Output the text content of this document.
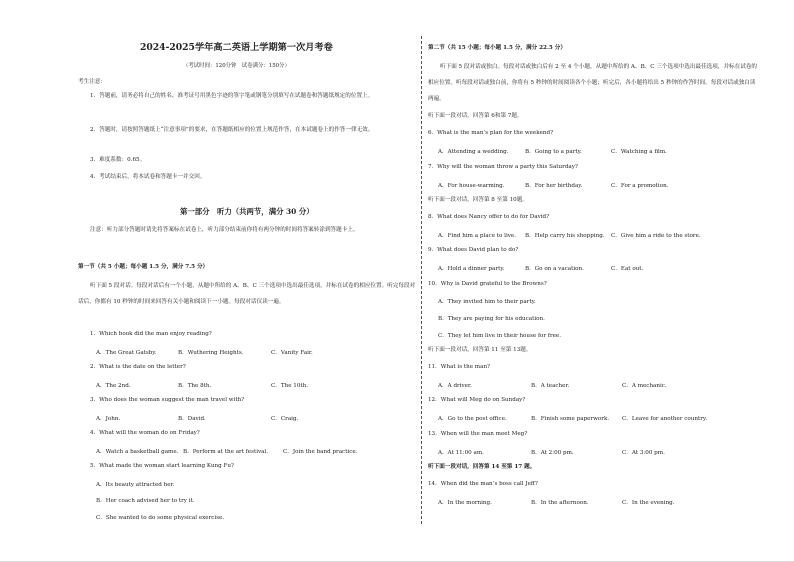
2024-2025学年高二英语上学期第一次月考卷
（考试时间：120分钟　试卷满分：150分）
考生注意：
1．答题前，请务必将自己的姓名、准考证号用黑色字迹的签字笔或钢笔分别填写在试题卷和答题纸规定的位置上。
2．答题时，请按照答题纸上“注意事项”的要求，在答题纸相应的位置上规范作答，在本试题卷上的作答一律无效。
3．难度系数：0.65。
4．考试结束后，将本试卷和答题卡一并交回。
第一部分　听力（共两节，满分 30 分）
注意：听力部分答题时请先将答案标在试卷上，听力部分结束前你将有两分钟的时间将答案转涂到答题卡上。
第一节（共 5 小题；每小题 1.5 分，满分 7.5 分）
听下面 5 段对话。每段对话后有一个小题，从题中所给的 A、B、C 三个选项中选出最佳选项，并标在试卷的相应位置。听完每段对话后，你都有 10 秒钟的时间来回答有关小题和阅读下一小题。每段对话仅读一遍。
1．Which book did the man enjoy reading?
A．The Great Gatsby.	B．Wuthering Heights.	C．Vanity Fair.
2．What is the date on the letter?
A．The 2nd.	B．The 8th.	C．The 10th.
3．Who does the woman suggest the man travel with?
A．John.	B．David.	C．Craig.
4．What will the woman do on Friday?
A．Watch a basketball game. B．Perform at the art festival.	C．Join the band practice.
5．What made the woman start learning Kung Fu?
A．Its beauty attracted her.
B．Her coach advised her to try it.
C．She wanted to do some physical exercise.
第二节（共 15 小题；每小题 1.5 分，满分 22.5 分）
听下面 5 段对话或独白。每段对话或独白后有 2 至 4 个小题，从题中所给的 A、B、C 三个选项中选出最佳选项，并标在试卷的相应位置。听每段对话或独白前，你将有 5 秒钟的时间阅读各个小题；听完后，各小题将给出 5 秒钟的作答时间。每段对话或独白读两遍。
听下面一段对话，回答第 6和第 7题。
6．What is the man’s plan for the weekend?
A．Attending a wedding.	B．Going to a party.	C．Watching a film.
7．Why will the woman throw a party this Saturday?
A．For house-warming.	B．For her birthday.	C．For a promotion.
听下面一段对话，回答第 8 至第 10题。
8．What does Nancy offer to do for David?
A．Find him a place to live. B．Help carry his shopping. C．Give him a ride to the store.
9．What does David plan to do?
A．Hold a dinner party.	B．Go on a vacation.	C．Eat out.
10．Why is David grateful to the Browns?
A．They invited him to their party.
B．They are paying for his education.
C．They let him live in their house for free.
听下面一段对话，回答第 11 至第 13题。
11．What is the man?
A．A driver.	B．A teacher.	C．A mechanic.
12．What will Meg do on Sunday?
A．Go to the post office.	B．Finish some paperwork. C．Leave for another country.
13．When will the man meet Meg?
A．At 11:00 am.	B．At 2:00 pm.	C．At 3:00 pm.
听下面一段对话，回答第 14 至第 17 题。
14．When did the man’s boss call Jeff?
A．In the morning.	B．In the afternoon.	C．In the evening.
